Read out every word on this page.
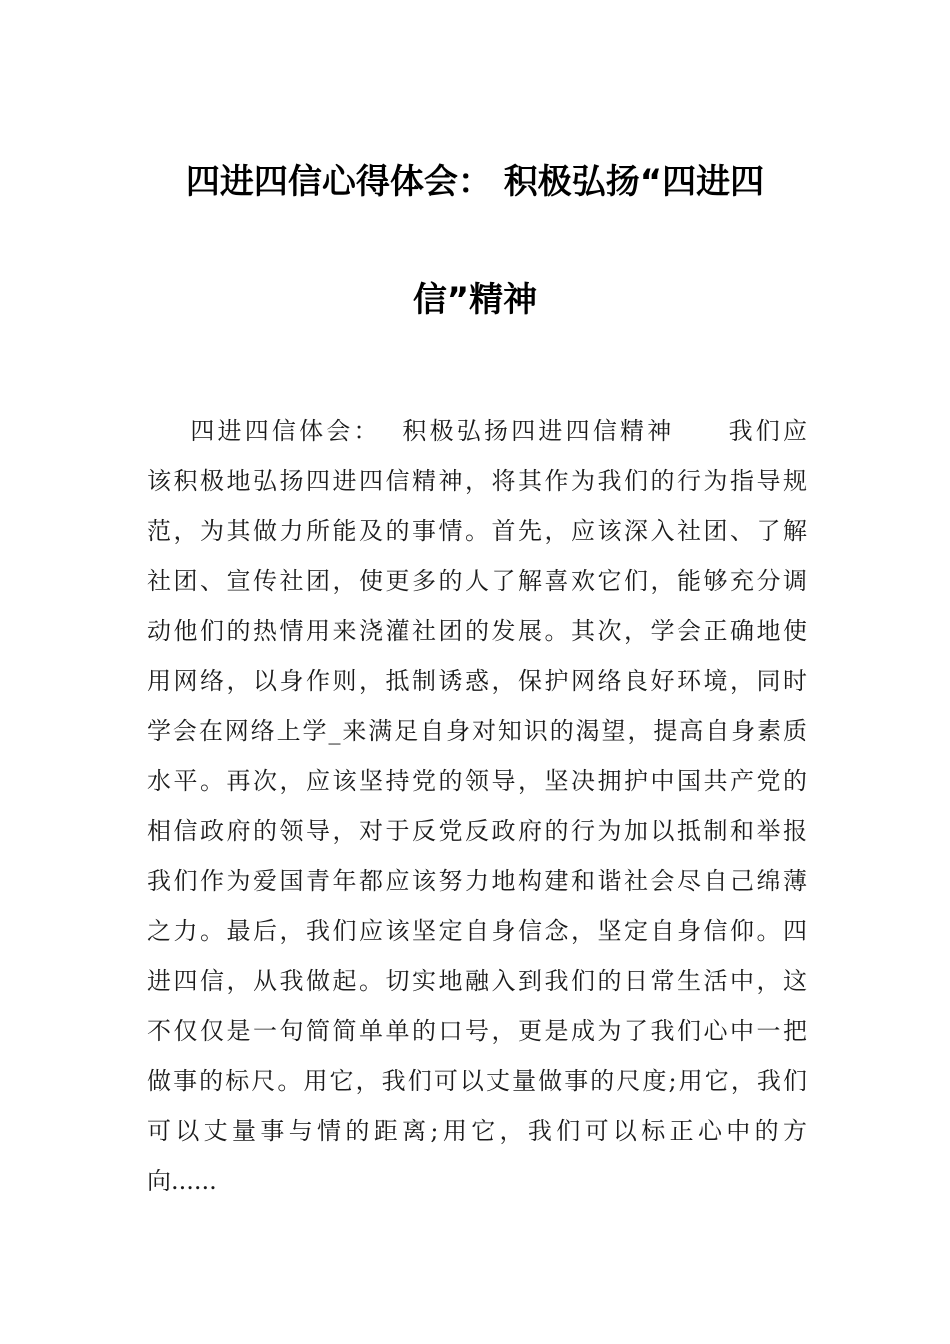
四进四信心得体会： 积极弘扬“四进四
信”精神
四进四信体会：  积极弘扬四进四信精神     我们应
该积极地弘扬四进四信精神，将其作为我们的行为指导规
范，为其做力所能及的事情。首先，应该深入社团、了解
社团、宣传社团，使更多的人了解喜欢它们，能够充分调
动他们的热情用来浇灌社团的发展。其次，学会正确地使
用网络，以身作则，抵制诱惑，保护网络良好环境，同时
学会在网络上学_来满足自身对知识的渴望，提高自身素质
水平。再次，应该坚持党的领导，坚决拥护中国共产党的
相信政府的领导，对于反党反政府的行为加以抵制和举报
我们作为爱国青年都应该努力地构建和谐社会尽自己绵薄
之力。最后，我们应该坚定自身信念，坚定自身信仰。四
进四信，从我做起。切实地融入到我们的日常生活中，这
不仅仅是一句简简单单的口号，更是成为了我们心中一把
做事的标尺。用它，我们可以丈量做事的尺度;用它，我们
可以丈量事与情的距离;用它，我们可以标正心中的方
向......
